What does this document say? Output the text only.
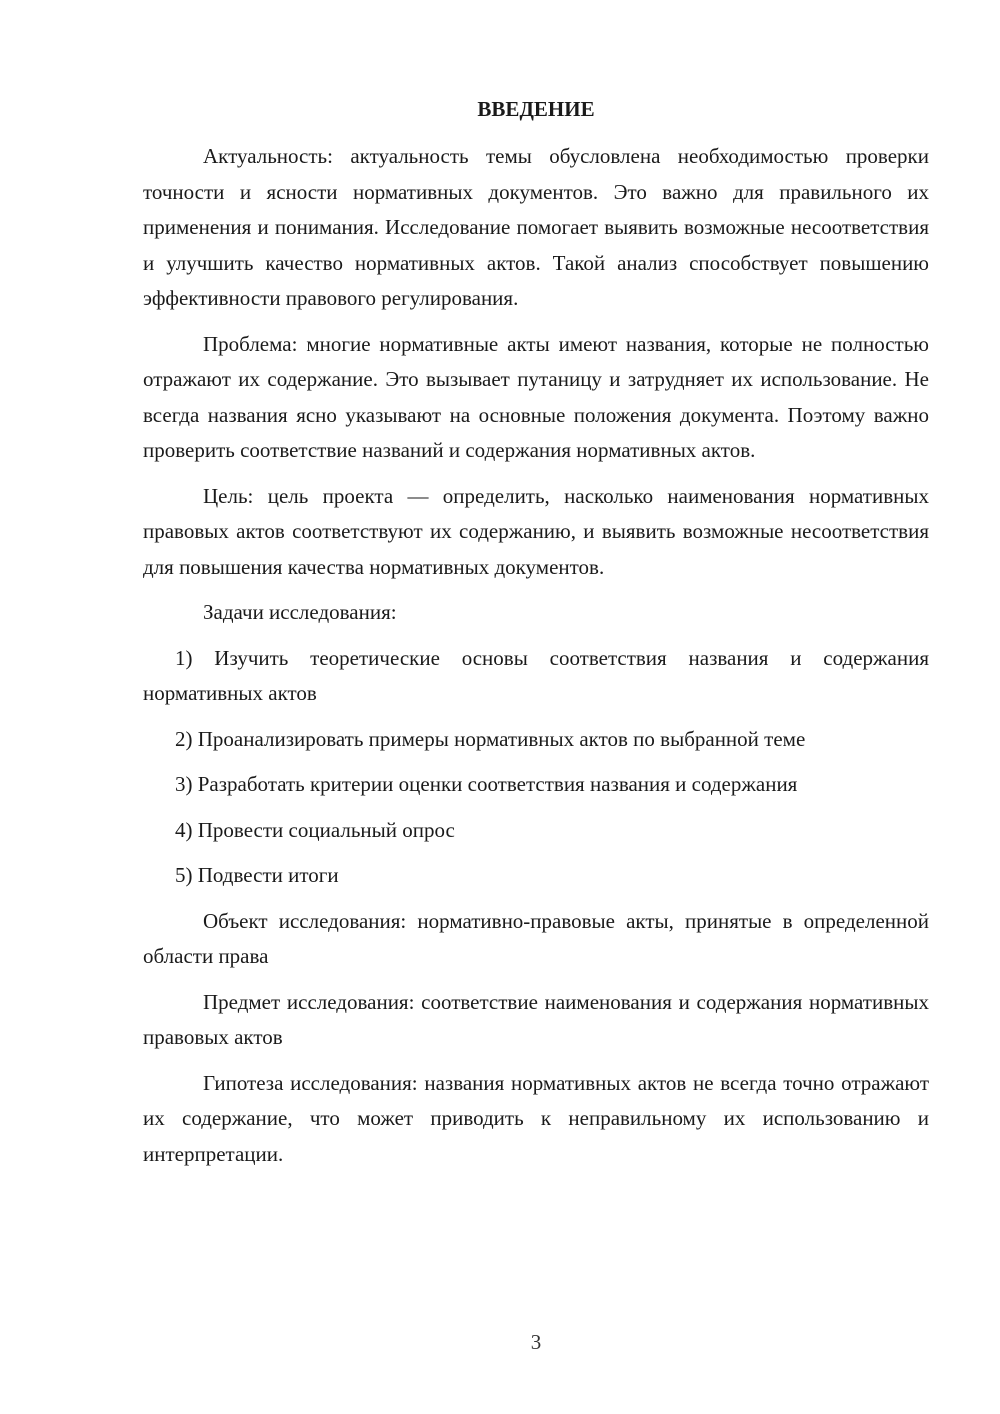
ВВЕДЕНИЕ

Актуальность: актуальность темы обусловлена необходимостью проверки точности и ясности нормативных документов. Это важно для правильного их применения и понимания. Исследование помогает выявить возможные несоответствия и улучшить качество нормативных актов. Такой анализ способствует повышению эффективности правового регулирования.

Проблема: многие нормативные акты имеют названия, которые не полностью отражают их содержание. Это вызывает путаницу и затрудняет их использование. Не всегда названия ясно указывают на основные положения документа. Поэтому важно проверить соответствие названий и содержания нормативных актов.

Цель: цель проекта — определить, насколько наименования нормативных правовых актов соответствуют их содержанию, и выявить возможные несоответствия для повышения качества нормативных документов.

Задачи исследования:

1) Изучить теоретические основы соответствия названия и содержания нормативных актов

2) Проанализировать примеры нормативных актов по выбранной теме

3) Разработать критерии оценки соответствия названия и содержания

4) Провести социальный опрос

5) Подвести итоги

Объект исследования: нормативно-правовые акты, принятые в определенной области права

Предмет исследования: соответствие наименования и содержания нормативных правовых актов

Гипотеза исследования: названия нормативных актов не всегда точно отражают их содержание, что может приводить к неправильному их использованию и интерпретации.

3
